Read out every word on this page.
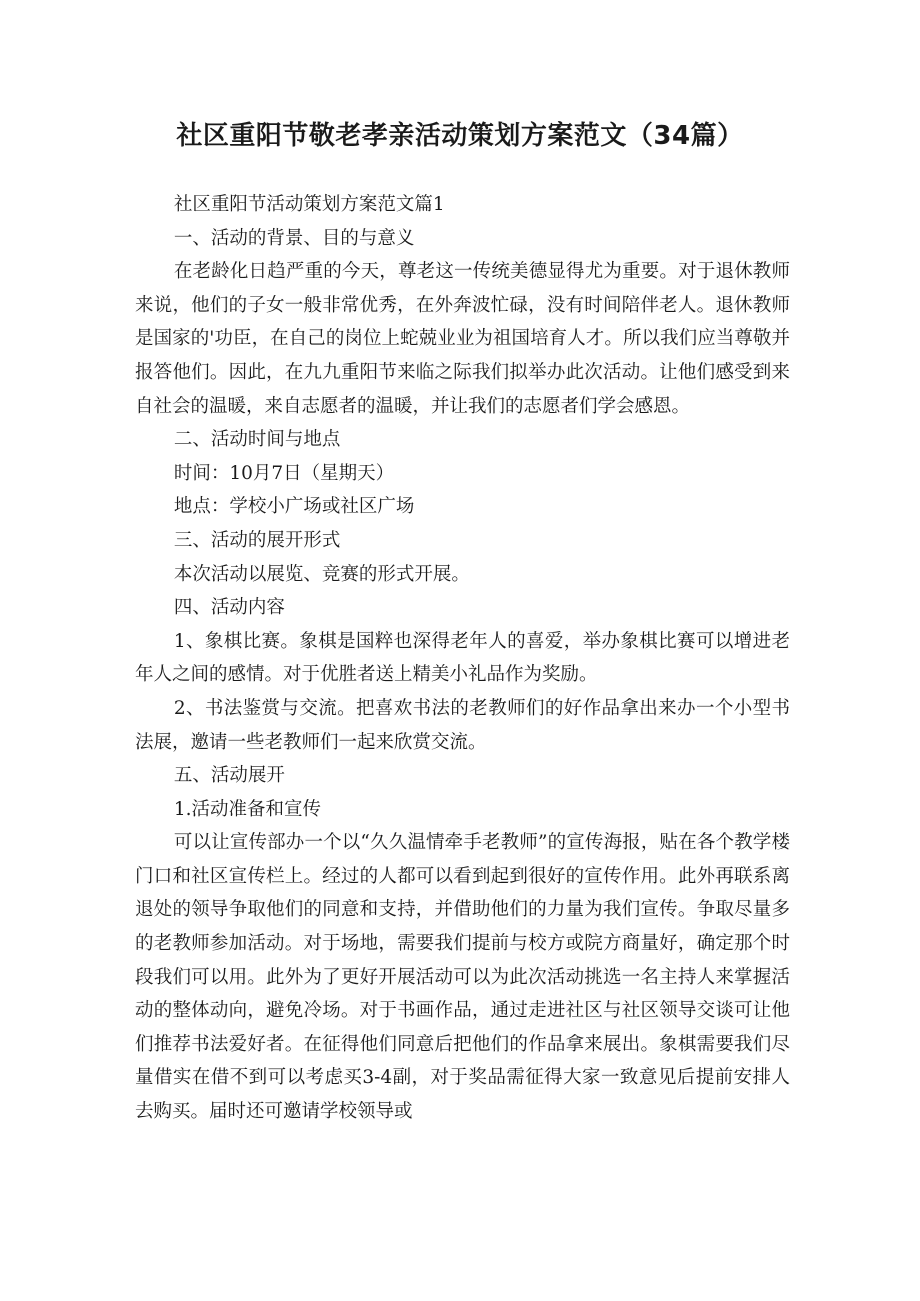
社区重阳节敬老孝亲活动策划方案范文（34篇）

社区重阳节活动策划方案范文篇1

一、活动的背景、目的与意义

在老龄化日趋严重的今天，尊老这一传统美德显得尤为重要。对于退休教师来说，他们的子女一般非常优秀，在外奔波忙碌，没有时间陪伴老人。退休教师是国家的'功臣，在自己的岗位上蛇兢业业为祖国培育人才。所以我们应当尊敬并报答他们。因此，在九九重阳节来临之际我们拟举办此次活动。让他们感受到来自社会的温暖，来自志愿者的温暖，并让我们的志愿者们学会感恩。

二、活动时间与地点

时间：10月7日（星期天）

地点：学校小广场或社区广场

三、活动的展开形式

本次活动以展览、竞赛的形式开展。

四、活动内容

1、象棋比赛。象棋是国粹也深得老年人的喜爱，举办象棋比赛可以增进老年人之间的感情。对于优胜者送上精美小礼品作为奖励。

2、书法鉴赏与交流。把喜欢书法的老教师们的好作品拿出来办一个小型书法展，邀请一些老教师们一起来欣赏交流。

五、活动展开

1.活动准备和宣传

可以让宣传部办一个以“久久温情牵手老教师”的宣传海报，贴在各个教学楼门口和社区宣传栏上。经过的人都可以看到起到很好的宣传作用。此外再联系离退处的领导争取他们的同意和支持，并借助他们的力量为我们宣传。争取尽量多的老教师参加活动。对于场地，需要我们提前与校方或院方商量好，确定那个时段我们可以用。此外为了更好开展活动可以为此次活动挑选一名主持人来掌握活动的整体动向，避免冷场。对于书画作品，通过走进社区与社区领导交谈可让他们推荐书法爱好者。在征得他们同意后把他们的作品拿来展出。象棋需要我们尽量借实在借不到可以考虑买3-4副，对于奖品需征得大家一致意见后提前安排人去购买。届时还可邀请学校领导或
